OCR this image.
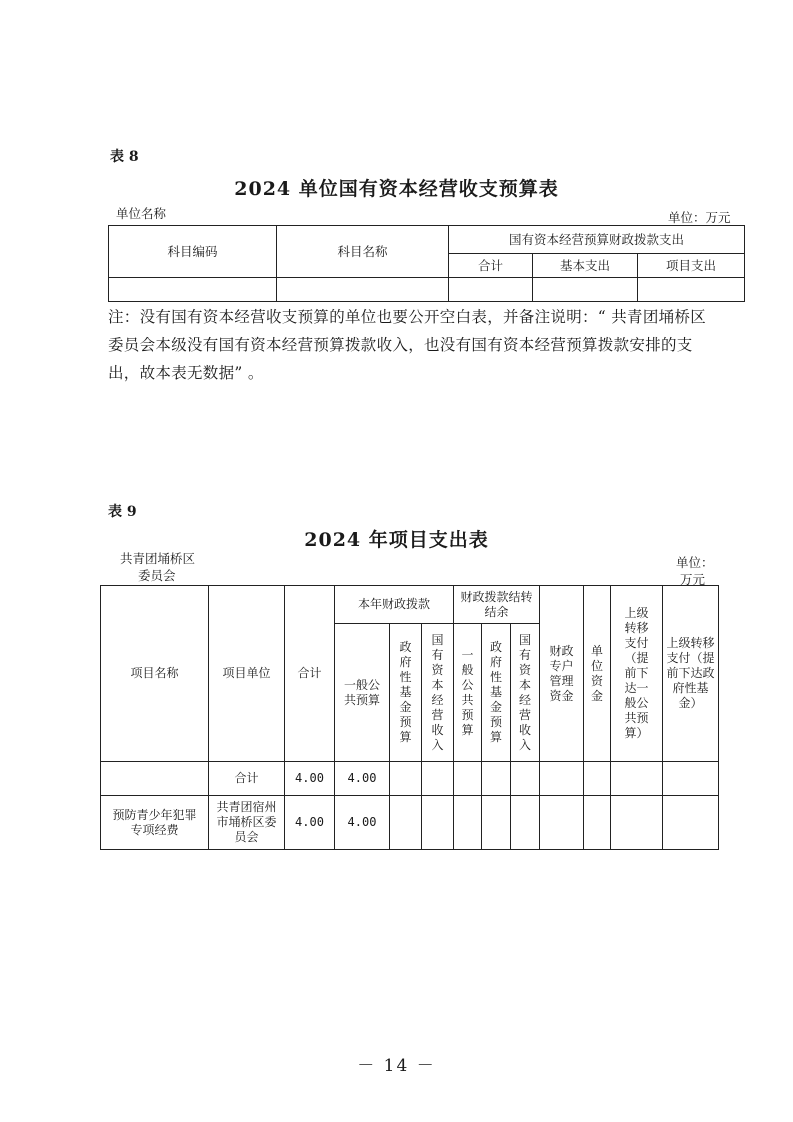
表 8
2024 单位国有资本经营收支预算表
单位名称	单位：万元
科目编码	科目名称	国有资本经营预算财政拨款支出		
		合计	基本支出	项目支出

注：没有国有资本经营收支预算的单位也要公开空白表，并备注说明：“ 共青团埇桥区委员会本级没有国有资本经营预算拨款收入，也没有国有资本经营预算拨款安排的支出，故本表无数据” 。
表 9
2024 年项目支出表
共青团埇桥区
委员会
单位：
万元
项目名称	项目单位	合计	本年财政拨款			财政拨款结转结余			财政专户管理资金	单位资金	上级转移支付（提前下达一般公共预算）	上级转移支付（提前下达政府性基金）
			一般公共预算	政府性基金预算	国有资本经营收入	一般公共预算	政府性基金预算	国有资本经营收入				
	合计	4.00	4.00									
预防青少年犯罪专项经费	共青团宿州市埇桥区委员会	4.00	4.00									
－ 14 －
